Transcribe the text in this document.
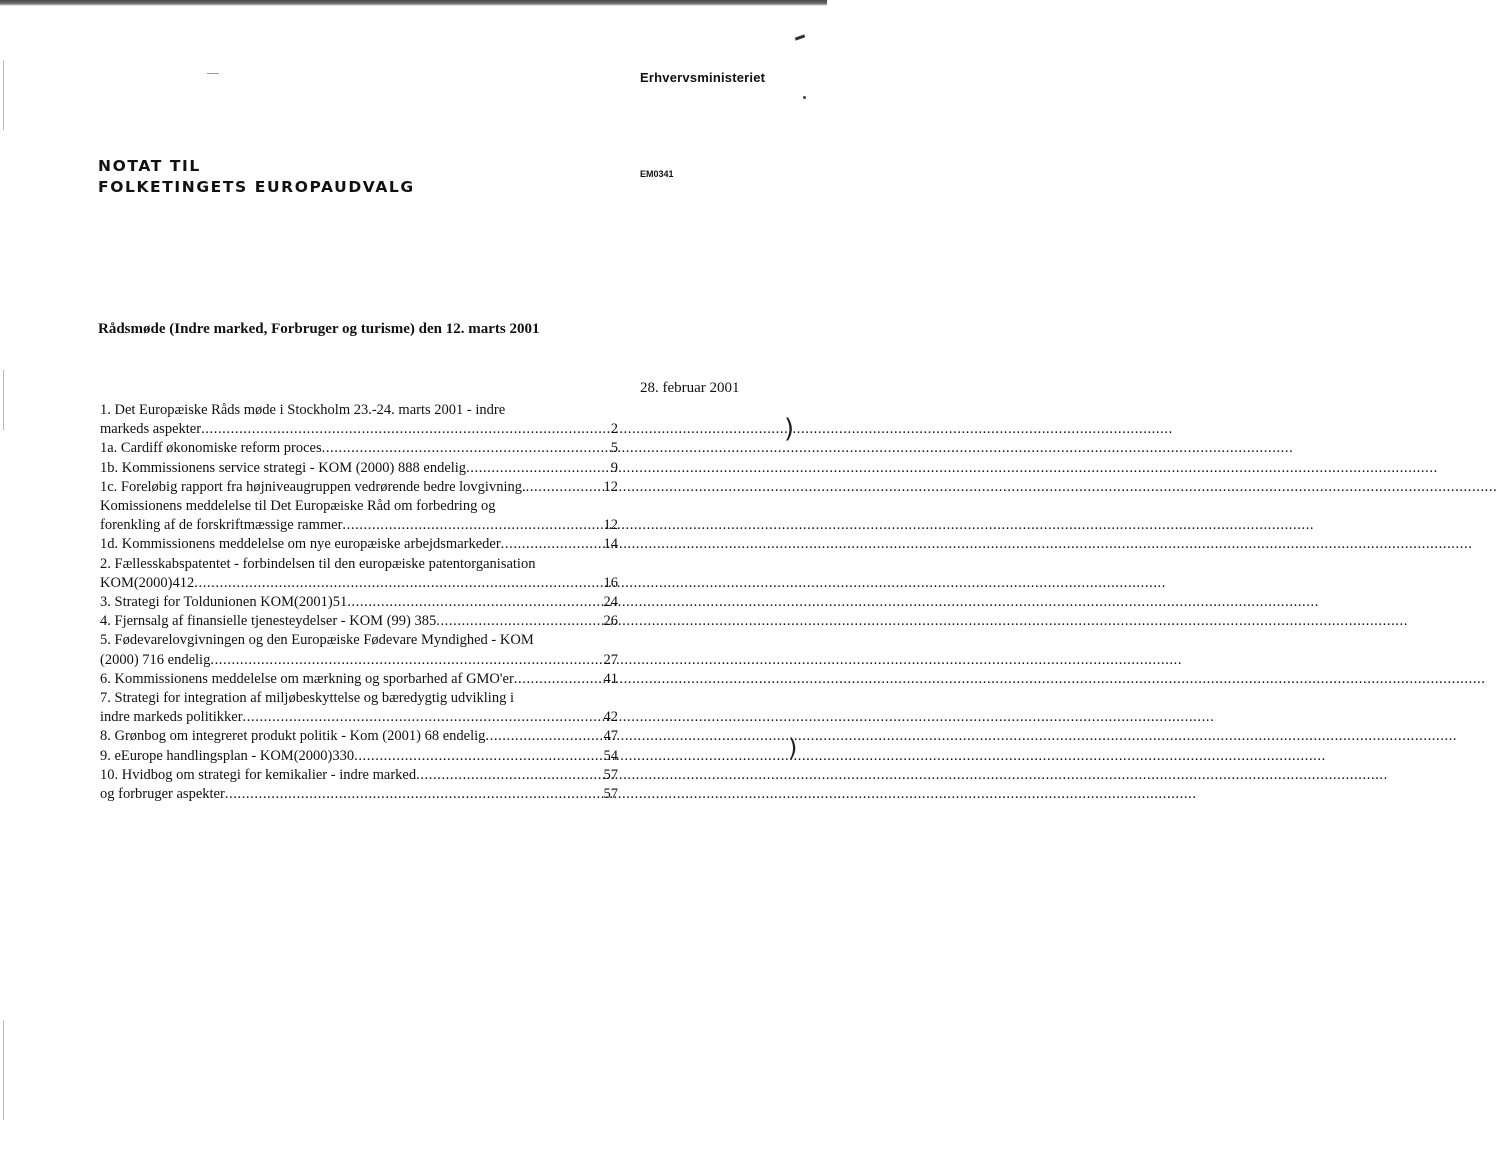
Erhvervsministeriet
NOTAT TIL
FOLKETINGETS EUROPAUDVALG
EM0341
Rådsmøde (Indre marked, Forbruger og turisme) den 12. marts 2001
28. februar 2001
1. Det Europæiske Råds møde i Stockholm 23.-24. marts 2001 - indre
markeds aspekter .....	2
1a. Cardiff økonomiske reform proces .....	5
1b. Kommissionens service strategi - KOM (2000) 888 endelig .....	9
1c. Foreløbig rapport fra højniveaugruppen vedrørende bedre lovgivning. .....	12
Komissionens meddelelse til Det Europæiske Råd om forbedring og
forenkling af de forskriftmæssige rammer .....	12
1d. Kommissionens meddelelse om nye europæiske arbejdsmarkeder .....	14
2. Fællesskabspatentet - forbindelsen til den europæiske patentorganisation
KOM(2000)412 .....	16
3. Strategi for Toldunionen KOM(2001)51 .....	24
4. Fjernsalg af finansielle tjenesteydelser - KOM (99) 385 .....	26
5. Fødevarelovgivningen og den Europæiske Fødevare Myndighed - KOM
(2000) 716 endelig .....	27
6. Kommissionens meddelelse om mærkning og sporbarhed af GMO'er .....	41
7. Strategi for integration af miljøbeskyttelse og bæredygtig udvikling i
indre markeds politikker .....	42
8. Grønbog om integreret produkt politik - Kom (2001) 68 endelig .....	47
9. eEurope handlingsplan - KOM(2000)330 .....	54
10. Hvidbog om strategi for kemikalier - indre marked .....	57
og forbruger aspekter .....	57
)
)
